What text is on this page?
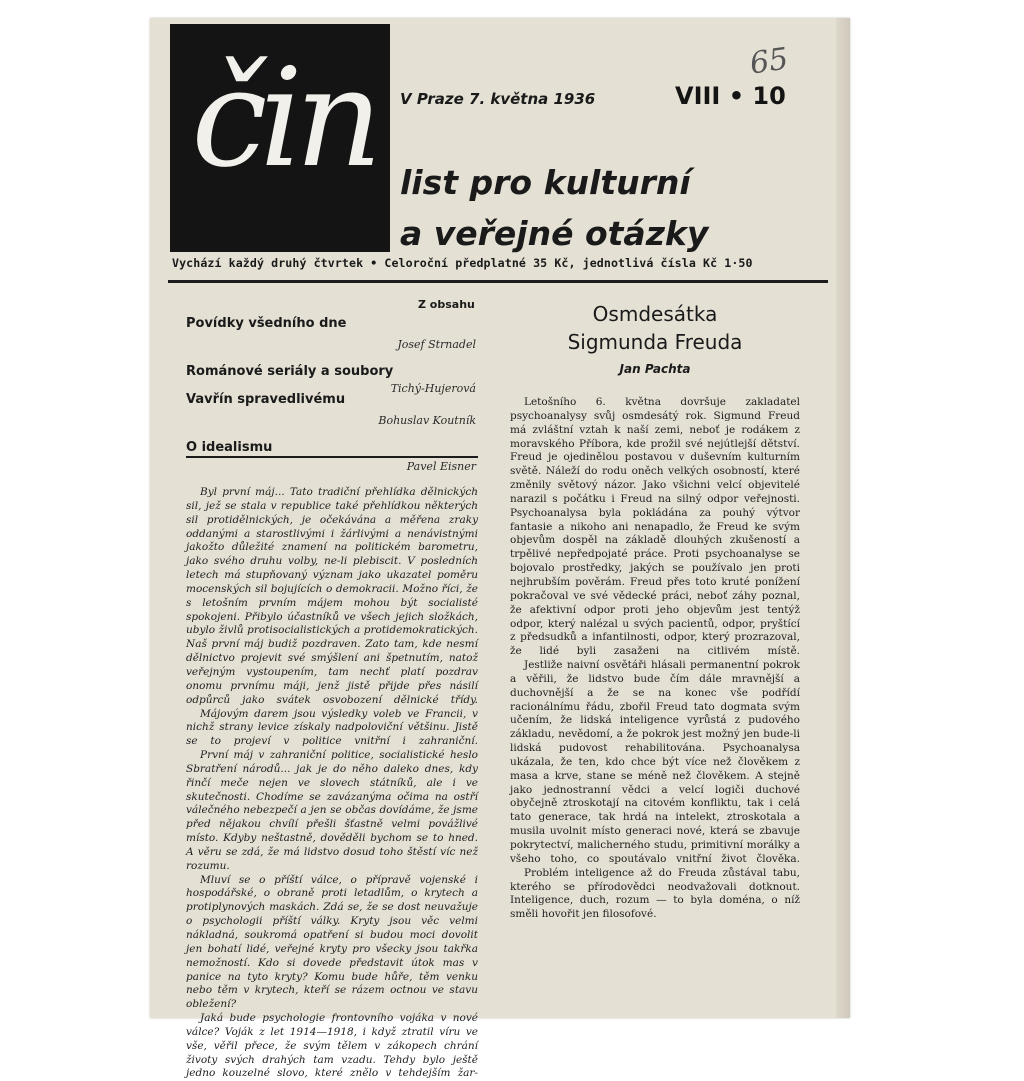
65
čin	V Praze 7. května 1936	VIII • 10
list pro kulturní
a veřejné otázky
Vychází každý druhý čtvrtek • Celoroční předplatné 35 Kč, jednotlivá čísla Kč 1·50
Z obsahu
Povídky všedního dne
Josef Strnadel
Románové seriály a soubory
Tichý-Hujerová
Vavřín spravedlivému
Bohuslav Koutník
O idealismu
Pavel Eisner
Osmdesátka
Sigmunda Freuda
Jan Pachta

Byl první máj... Tato tradiční přehlídka dělnických sil, jež se stala v republice také přehlídkou některých sil protidělnických, je očekávána a měřena zraky oddanými a starostlivými i žárlivými a nenávistnými jakožto důležité znamení na politickém barometru, jako svého druhu volby, ne-li plebiscit. V posledních letech má stupňovaný význam jako ukazatel poměru mocenských sil bojujících o demokracii. Možno říci, že s letošním prvním májem mohou být socialisté spokojeni. Přibylo účastníků ve všech jejich složkách, ubylo živlů protisocialistických a protidemokratických. Naš první máj budiž pozdraven. Zato tam, kde nesmí dělnictvo projevit své smýšlení ani špetnutím, natož veřejným vystoupením, tam nechť platí pozdrav onomu prvnímu máji, jenž jistě přijde přes násilí odpůrců jako svátek osvobození dělnické třídy.

Májovým darem jsou výsledky voleb ve Francii, v nichž strany levice získaly nadpoloviční většinu. Jistě se to projeví v politice vnitřní i zahraniční.

První máj v zahraniční politice, socialistické heslo Sbratření národů... jak je do něho daleko dnes, kdy řinčí meče nejen ve slovech státníků, ale i ve skutečnosti. Chodíme se zavázanýma očima na ostří válečného nebezpečí a jen se občas dovídáme, že jsme před nějakou chvílí přešli šťastně velmi povážlivé místo. Kdyby neštastně, dověděli bychom se to hned. A věru se zdá, že má lidstvo dosud toho štěstí víc než rozumu.

Mluví se o příští válce, o přípravě vojenské i hospodářské, o obraně proti letadlům, o krytech a protiplynových maskách. Zdá se, že se dost neuvažuje o psychologii příští války. Kryty jsou věc velmi nákladná, soukromá opatření si budou moci dovolit jen bohatí lidé, veřejné kryty pro všecky jsou takřka nemožností. Kdo si dovede představit útok mas v panice na tyto kryty? Komu bude hůře, těm venku nebo těm v krytech, kteří se rázem octnou ve stavu obležení?

Jaká bude psychologie frontovního vojáka v nové válce? Voják z let 1914—1918, i když ztratil víru ve vše, věřil přece, že svým tělem v zákopech chrání životy svých drahých tam vzadu. Tehdy bylo ještě jedno kouzelné slovo, které znělo v tehdejším žar-

Letošního 6. května dovršuje zakladatel psychoanalysy svůj osmdesátý rok. Sigmund Freud má zvláštní vztah k naší zemi, neboť je rodákem z moravského Příbora, kde prožil své nejútlejší dětství. Freud je ojedinělou postavou v duševním kulturním světě. Náleží do rodu oněch velkých osobností, které změnily světový názor. Jako všichni velcí objevitelé narazil s počátku i Freud na silný odpor veřejnosti. Psychoanalysa byla pokládána za pouhý výtvor fantasie a nikoho ani nenapadlo, že Freud ke svým objevům dospěl na základě dlouhých zkušeností a trpělivé nepředpojaté práce. Proti psychoanalyse se bojovalo prostředky, jakých se používalo jen proti nejhrubším pověrám. Freud přes toto kruté ponížení pokračoval ve své vědecké práci, neboť záhy poznal, že afektivní odpor proti jeho objevům jest tentýž odpor, který nalézal u svých pacientů, odpor, pryštící z předsudků a infantilnosti, odpor, který prozrazoval, že lidé byli zasaženi na citlivém místě.

Jestliže naivní osvětáři hlásali permanentní pokrok a věřili, že lidstvo bude čím dále mravnější a duchovnější a že se na konec vše podřídí racionálnímu řádu, zbořil Freud tato dogmata svým učením, že lidská inteligence vyrůstá z pudového základu, nevědomí, a že pokrok jest možný jen bude-li lidská pudovost rehabilitována. Psychoanalysa ukázala, že ten, kdo chce být více než člověkem z masa a krve, stane se méně než člověkem. A stejně jako jednostranní vědci a velcí logiči duchové obyčejně ztroskotají na citovém konfliktu, tak i celá tato generace, tak hrdá na intelekt, ztroskotala a musila uvolnit místo generaci nové, která se zbavuje pokrytectví, malicherného studu, primitivní morálky a všeho toho, co spoutávalo vnitřní život člověka.

Problém inteligence až do Freuda zůstával tabu, kterého se přírodovědci neodvažovali dotknout. Inteligence, duch, rozum — to byla doména, o níž směli hovořit jen filosofové.
